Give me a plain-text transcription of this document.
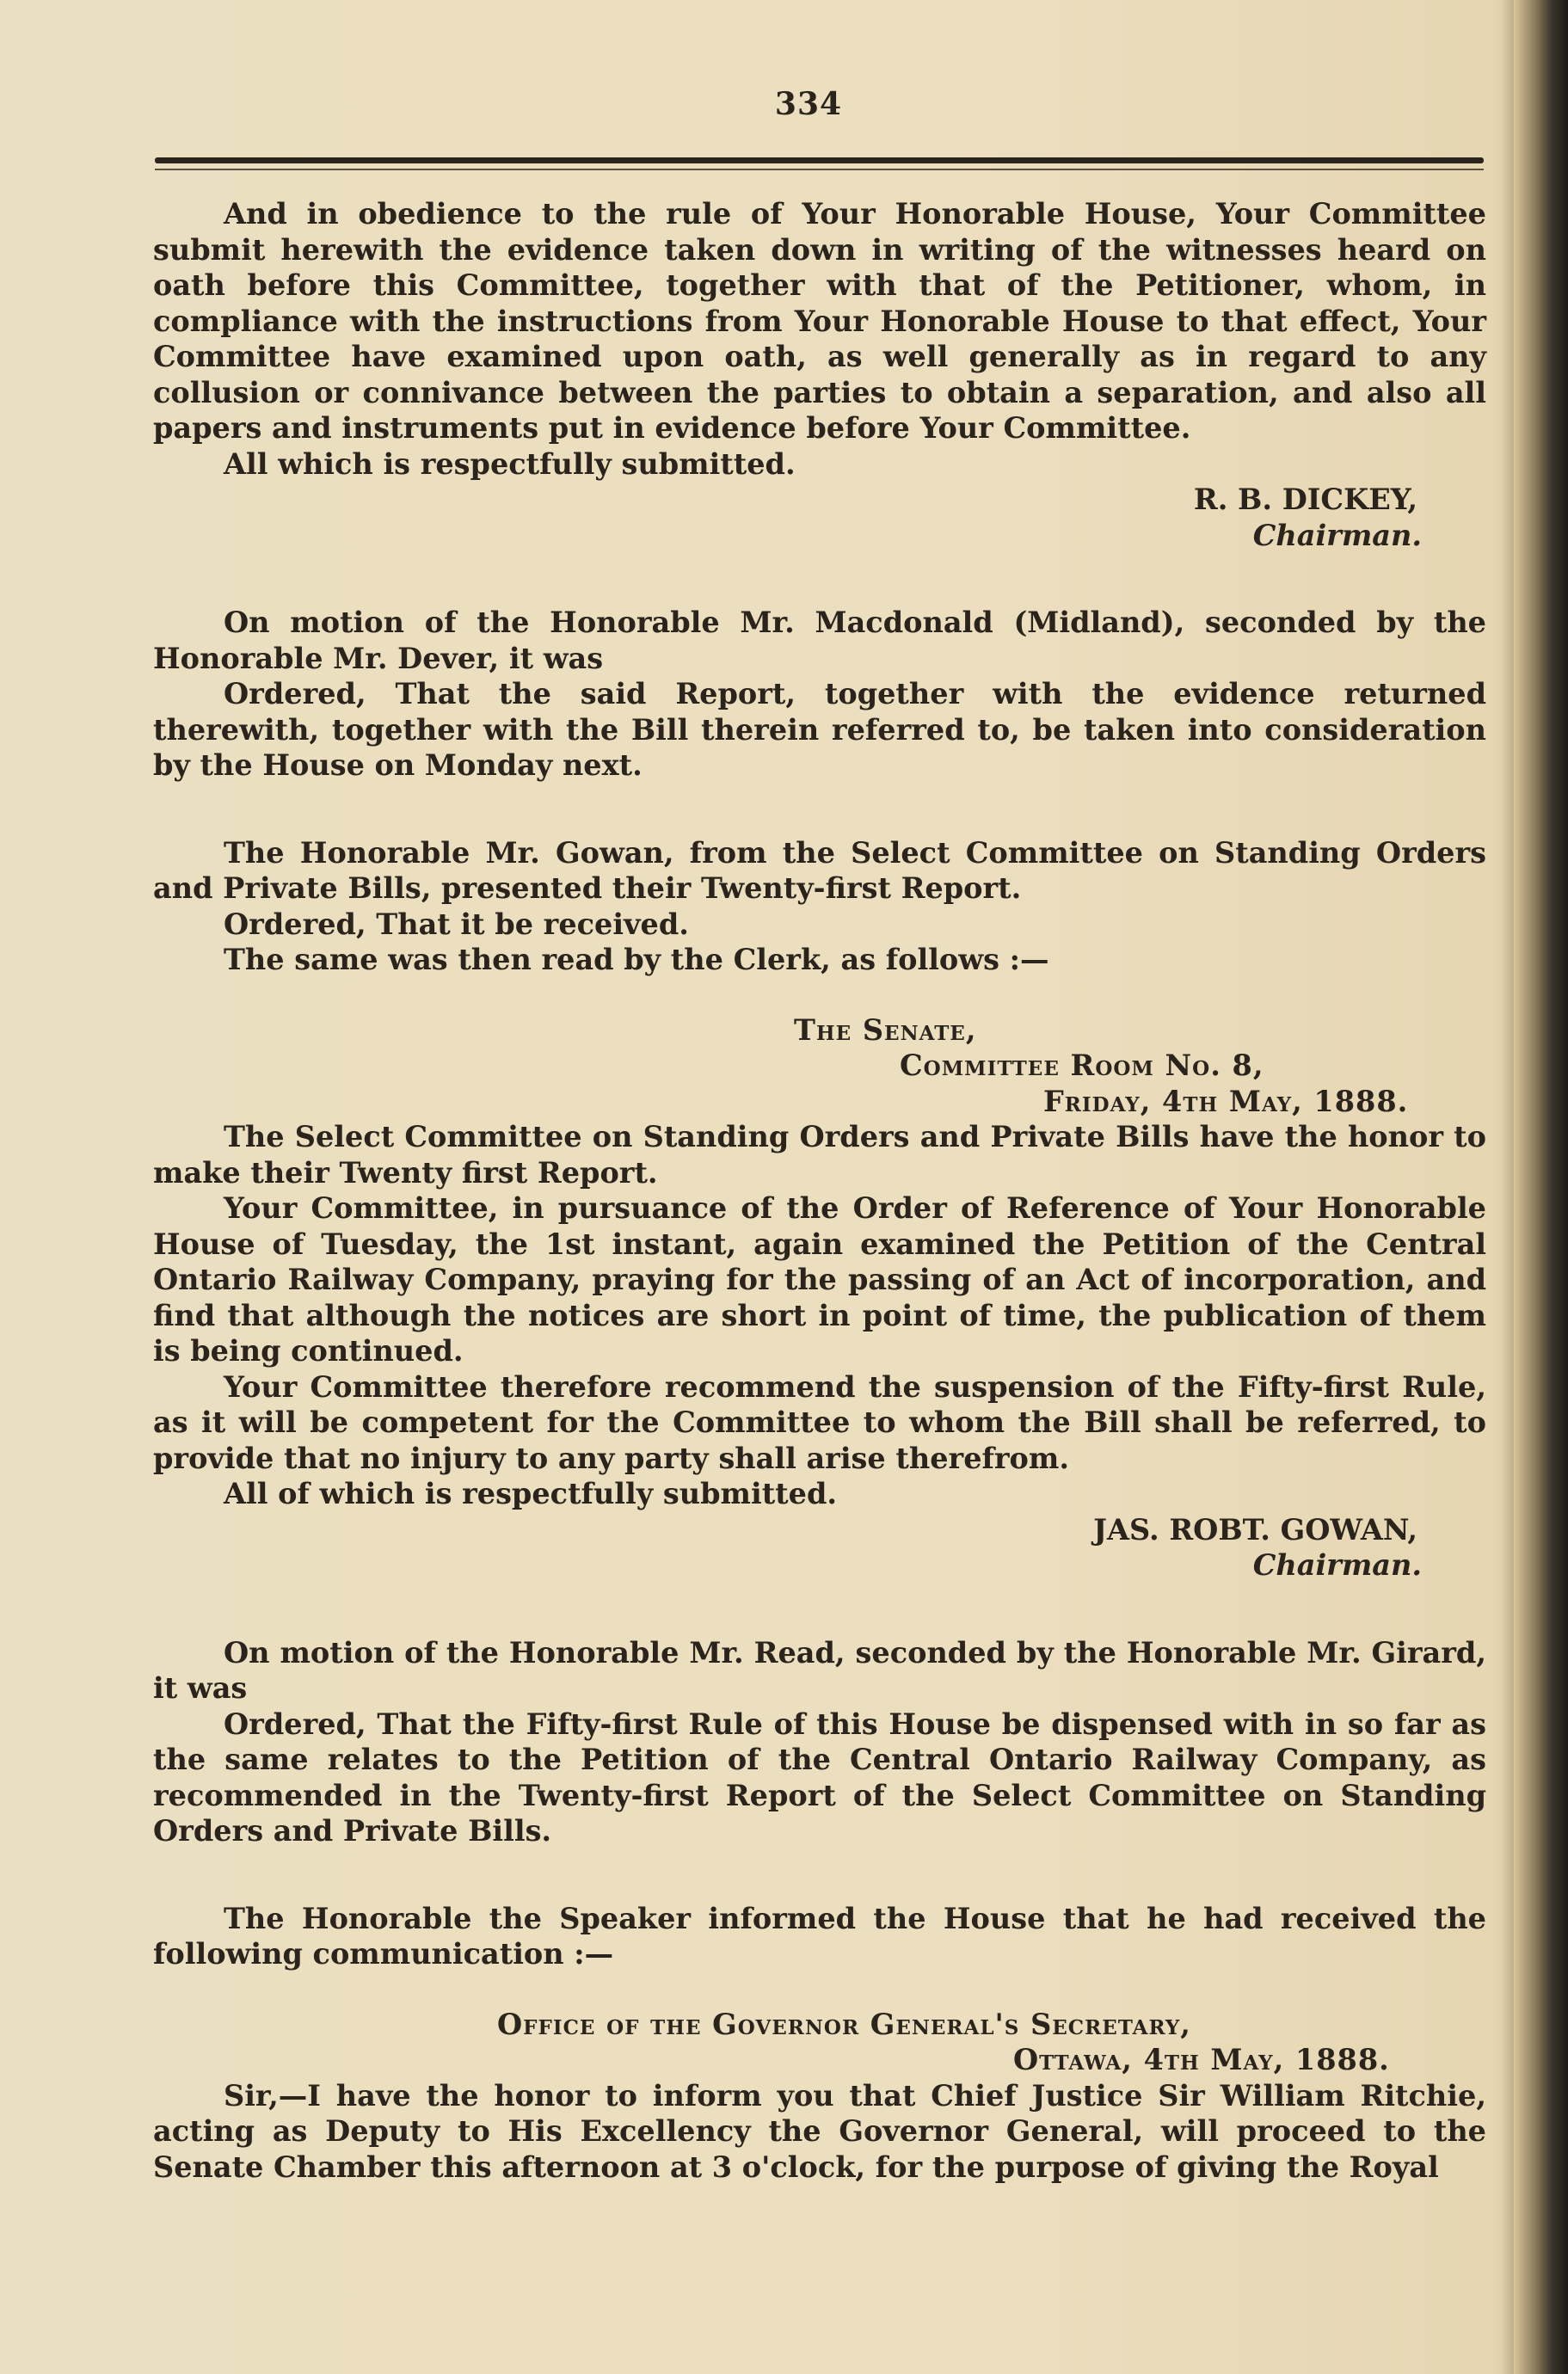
334

And in obedience to the rule of Your Honorable House, Your Committee submit herewith the evidence taken down in writing of the witnesses heard on oath before this Committee, together with that of the Petitioner, whom, in compliance with the instructions from Your Honorable House to that effect, Your Committee have examined upon oath, as well generally as in regard to any collusion or connivance between the parties to obtain a separation, and also all papers and instruments put in evidence before Your Committee.

All which is respectfully submitted.

R. B. DICKEY,

Chairman.

On motion of the Honorable Mr. Macdonald (Midland), seconded by the Honorable Mr. Dever, it was

Ordered, That the said Report, together with the evidence returned therewith, together with the Bill therein referred to, be taken into consideration by the House on Monday next.

The Honorable Mr. Gowan, from the Select Committee on Standing Orders and Private Bills, presented their Twenty-first Report.

Ordered, That it be received.

The same was then read by the Clerk, as follows :—

The Senate,

Committee Room No. 8,

Friday, 4th May, 1888.

The Select Committee on Standing Orders and Private Bills have the honor to make their Twenty first Report.

Your Committee, in pursuance of the Order of Reference of Your Honorable House of Tuesday, the 1st instant, again examined the Petition of the Central Ontario Railway Company, praying for the passing of an Act of incorporation, and find that although the notices are short in point of time, the publication of them is being continued.

Your Committee therefore recommend the suspension of the Fifty-first Rule, as it will be competent for the Committee to whom the Bill shall be referred, to provide that no injury to any party shall arise therefrom.

All of which is respectfully submitted.

JAS. ROBT. GOWAN,

Chairman.

On motion of the Honorable Mr. Read, seconded by the Honorable Mr. Girard, it was

Ordered, That the Fifty-first Rule of this House be dispensed with in so far as the same relates to the Petition of the Central Ontario Railway Company, as recommended in the Twenty-first Report of the Select Committee on Standing Orders and Private Bills.

The Honorable the Speaker informed the House that he had received the following communication :—

Office of the Governor General's Secretary,

Ottawa, 4th May, 1888.

Sir,—I have the honor to inform you that Chief Justice Sir William Ritchie, acting as Deputy to His Excellency the Governor General, will proceed to the Senate Chamber this afternoon at 3 o'clock, for the purpose of giving the Royal
